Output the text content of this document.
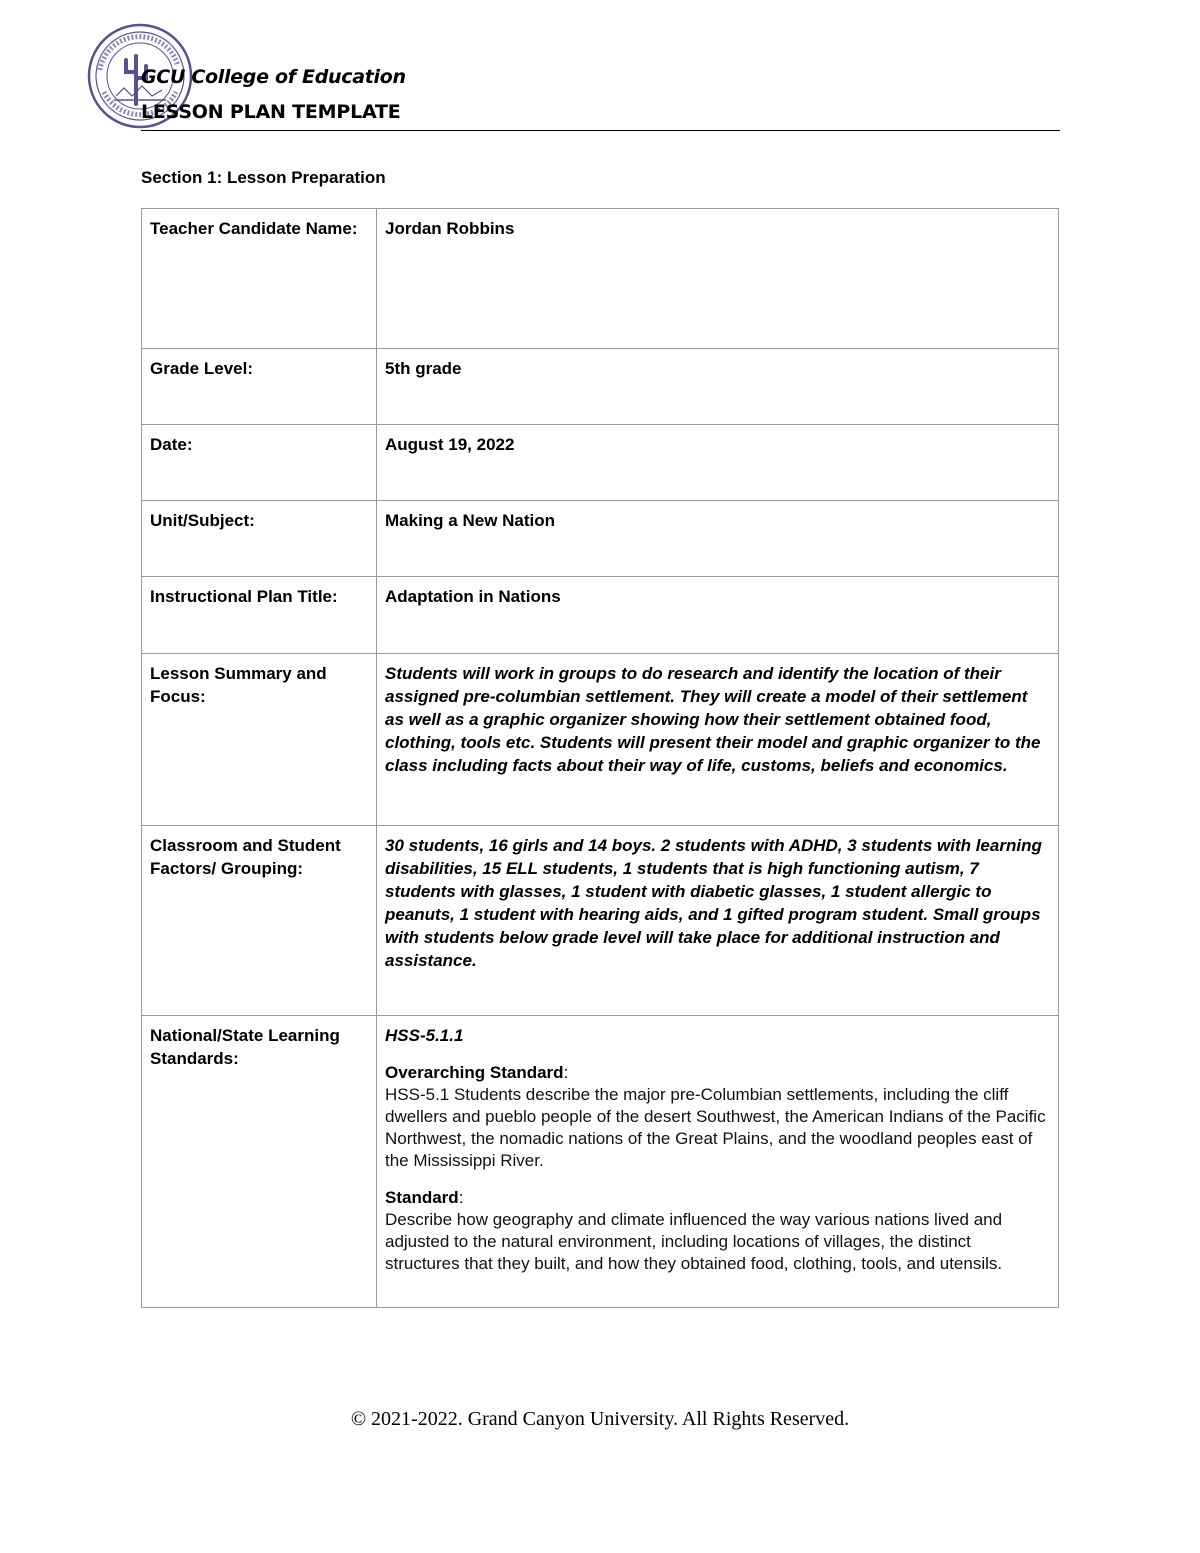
GCU College of Education
LESSON PLAN TEMPLATE
Section 1: Lesson Preparation
Teacher Candidate Name:	Jordan Robbins
Grade Level:	5th grade
Date:	August 19, 2022
Unit/Subject:	Making a New Nation
Instructional Plan Title:	Adaptation in Nations
Lesson Summary and Focus:	Students will work in groups to do research and identify the location of their assigned pre-columbian settlement. They will create a model of their settlement as well as a graphic organizer showing how their settlement obtained food, clothing, tools etc. Students will present their model and graphic organizer to the class including facts about their way of life, customs, beliefs and economics.
Classroom and Student Factors/ Grouping:	30 students, 16 girls and 14 boys. 2 students with ADHD, 3 students with learning disabilities, 15 ELL students, 1 students that is high functioning autism, 7 students with glasses, 1 student with diabetic glasses, 1 student allergic to peanuts, 1 student with hearing aids, and 1 gifted program student. Small groups with students below grade level will take place for additional instruction and assistance.
National/State Learning Standards:	HSS-5.1.1
Overarching Standard:
HSS-5.1 Students describe the major pre-Columbian settlements, including the cliff dwellers and pueblo people of the desert Southwest, the American Indians of the Pacific Northwest, the nomadic nations of the Great Plains, and the woodland peoples east of the Mississippi River.
Standard:
Describe how geography and climate influenced the way various nations lived and adjusted to the natural environment, including locations of villages, the distinct structures that they built, and how they obtained food, clothing, tools, and utensils.
© 2021-2022. Grand Canyon University. All Rights Reserved.
